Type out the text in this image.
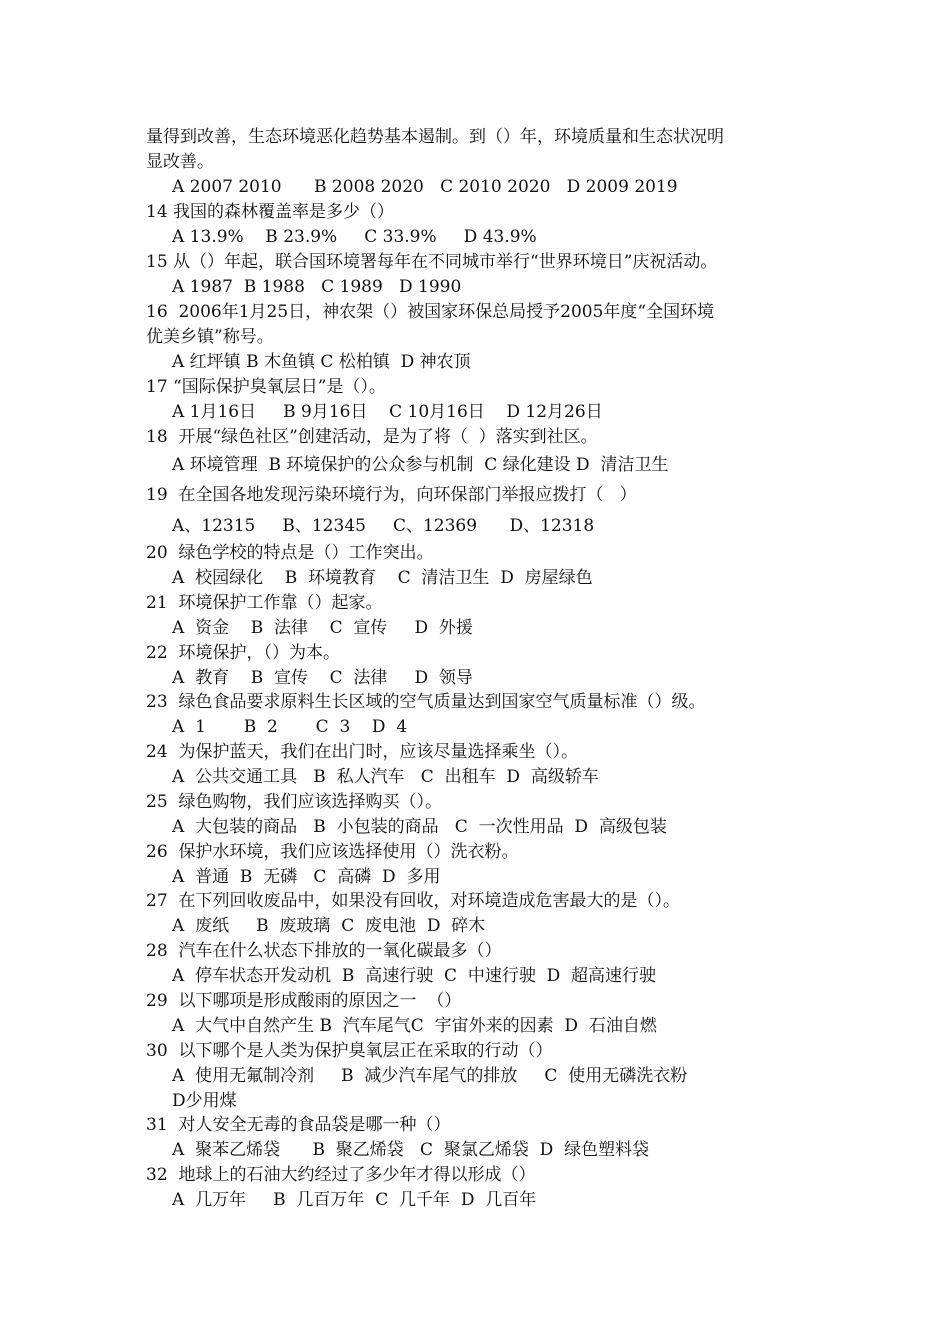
量得到改善，生态环境恶化趋势基本遏制。到（）年，环境质量和生态状况明
显改善。
A 2007 2010      B 2008 2020   C 2010 2020   D 2009 2019
14 我国的森林覆盖率是多少（）
A 13.9%    B 23.9%     C 33.9%     D 43.9%
15 从（）年起，联合国环境署每年在不同城市举行“世界环境日”庆祝活动。
A 1987  B 1988   C 1989   D 1990
16  2006年1月25日，神农架（）被国家环保总局授予2005年度“全国环境
优美乡镇”称号。
A 红坪镇 B 木鱼镇 C 松柏镇  D 神农顶
17 “国际保护臭氧层日”是（）。
A 1月16日     B 9月16日    C 10月16日    D 12月26日
18  开展“绿色社区”创建活动，是为了将（  ）落实到社区。
A 环境管理  B 环境保护的公众参与机制  C 绿化建设 D  清洁卫生
19  在全国各地发现污染环境行为，向环保部门举报应拨打（   ）
A、12315     B、12345     C、12369      D、12318
20  绿色学校的特点是（）工作突出。
A  校园绿化    B  环境教育    C  清洁卫生  D  房屋绿色
21  环境保护工作靠（）起家。
A  资金    B  法律    C  宣传     D  外援
22  环境保护，（）为本。
A  教育    B  宣传    C  法律     D  领导
23  绿色食品要求原料生长区域的空气质量达到国家空气质量标准（）级。
A  1       B  2       C  3    D  4
24  为保护蓝天，我们在出门时，应该尽量选择乘坐（）。
A  公共交通工具   B  私人汽车   C  出租车  D  高级轿车
25  绿色购物，我们应该选择购买（）。
A  大包装的商品   B  小包装的商品   C  一次性用品  D  高级包装
26  保护水环境，我们应该选择使用（）洗衣粉。
A  普通  B  无磷   C  高磷  D  多用
27  在下列回收废品中，如果没有回收，对环境造成危害最大的是（）。
A  废纸     B  废玻璃  C  废电池  D  碎木
28  汽车在什么状态下排放的一氧化碳最多（）
A  停车状态开发动机  B  高速行驶  C  中速行驶  D  超高速行驶
29  以下哪项是形成酸雨的原因之一  （）
A  大气中自然产生 B  汽车尾气C  宇宙外来的因素  D  石油自燃
30  以下哪个是人类为保护臭氧层正在采取的行动（）
A  使用无氟制冷剂     B  减少汽车尾气的排放     C  使用无磷洗衣粉
D少用煤
31  对人安全无毒的食品袋是哪一种（）
A  聚苯乙烯袋      B  聚乙烯袋   C  聚氯乙烯袋  D  绿色塑料袋
32  地球上的石油大约经过了多少年才得以形成（）
A  几万年     B  几百万年  C  几千年  D  几百年
